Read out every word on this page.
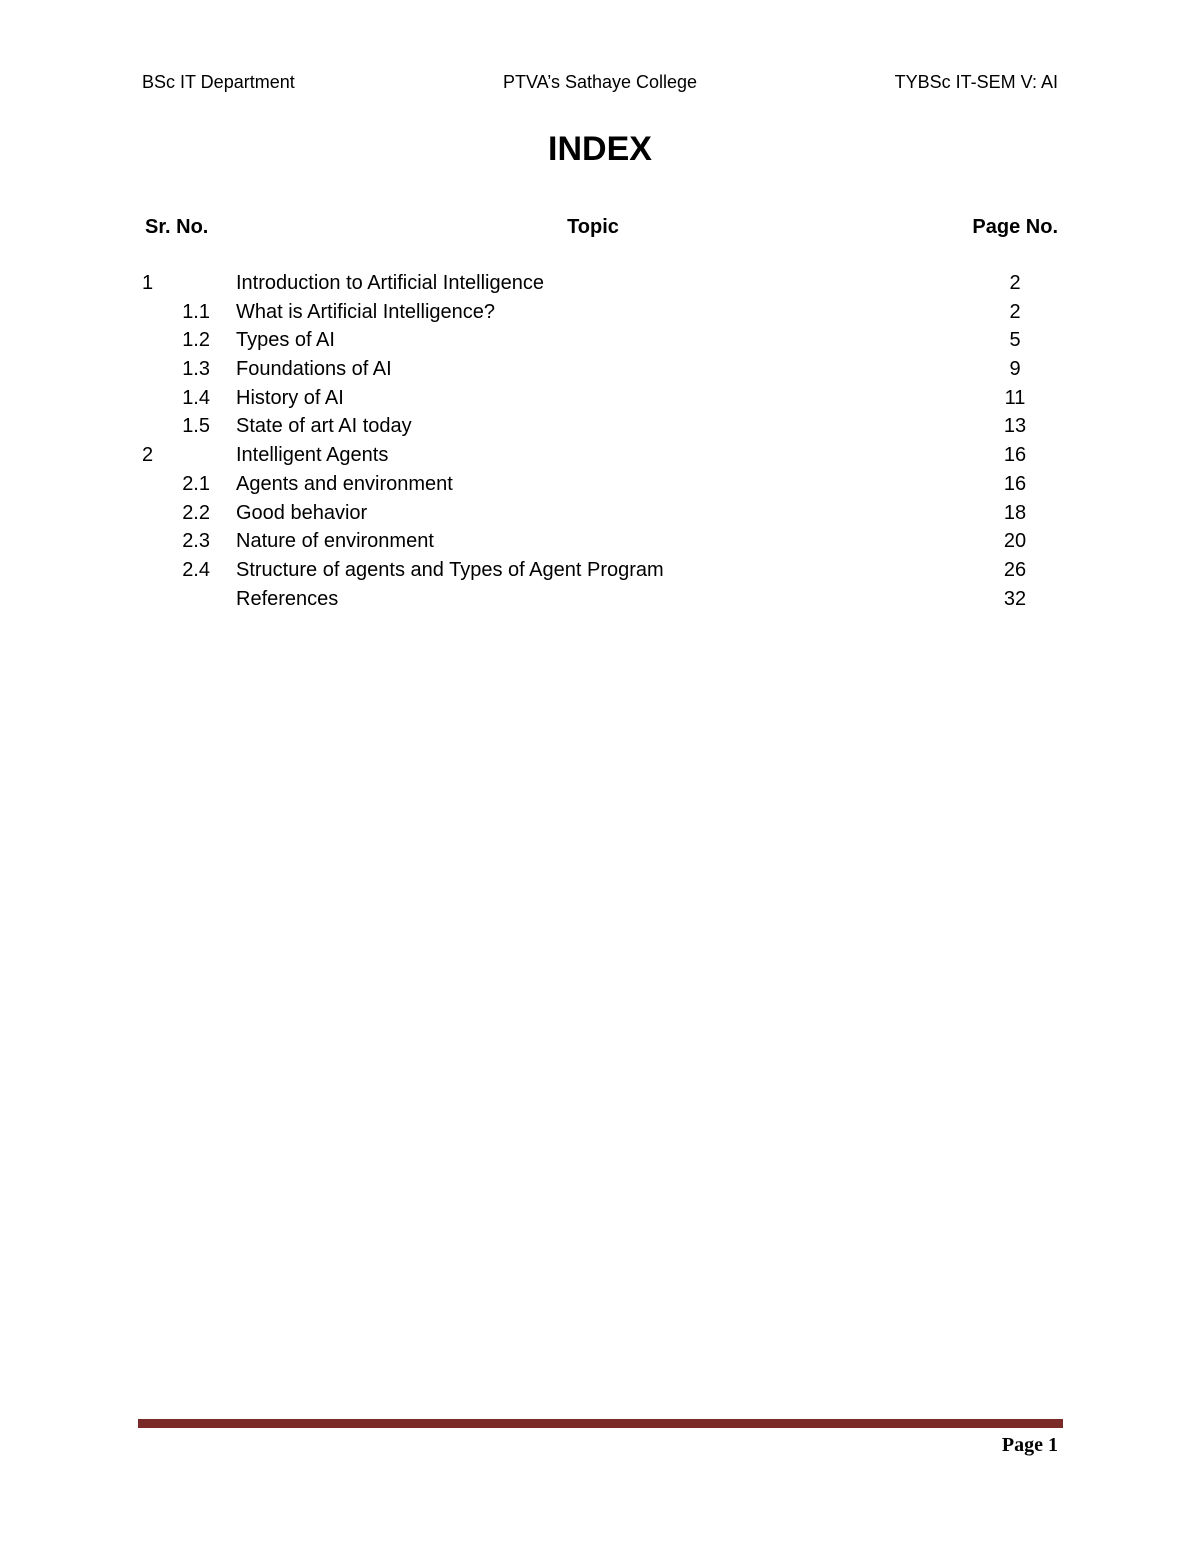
BSc IT Department	PTVA’s Sathaye College	TYBSc IT-SEM V: AI
INDEX
Sr. No.	Topic	Page No.
1	Introduction to Artificial Intelligence	2
1.1 What is Artificial Intelligence?	2
1.2 Types of AI	5
1.3 Foundations of AI	9
1.4 History of AI	11
1.5 State of art AI today	13
2	Intelligent Agents	16
2.1 Agents and environment	16
2.2 Good behavior	18
2.3 Nature of environment	20
2.4 Structure of agents and Types of Agent Program	26
References	32
Page 1
